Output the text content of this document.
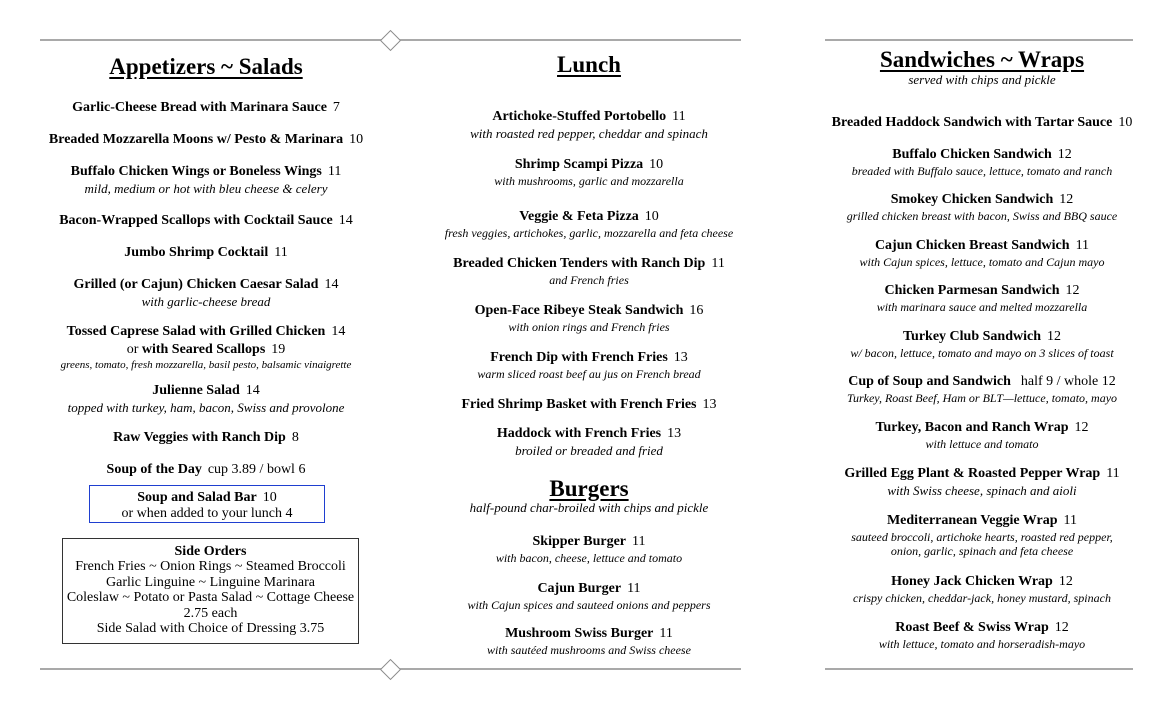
Appetizers ~ Salads
Garlic-Cheese Bread with Marinara Sauce 7
Breaded Mozzarella Moons w/ Pesto & Marinara 10
Buffalo Chicken Wings or Boneless Wings 11
mild, medium or hot with bleu cheese & celery
Bacon-Wrapped Scallops with Cocktail Sauce 14
Jumbo Shrimp Cocktail 11
Grilled (or Cajun) Chicken Caesar Salad 14
with garlic-cheese bread
Tossed Caprese Salad with Grilled Chicken 14
or with Seared Scallops 19
greens, tomato, fresh mozzarella, basil pesto, balsamic vinaigrette
Julienne Salad 14
topped with turkey, ham, bacon, Swiss and provolone
Raw Veggies with Ranch Dip 8
Soup of the Day cup 3.89 / bowl 6
Soup and Salad Bar 10
or when added to your lunch 4
Side Orders
French Fries ~ Onion Rings ~ Steamed Broccoli
Garlic Linguine ~ Linguine Marinara
Coleslaw ~ Potato or Pasta Salad ~ Cottage Cheese
2.75 each
Side Salad with Choice of Dressing 3.75
Lunch
Artichoke-Stuffed Portobello 11
with roasted red pepper, cheddar and spinach
Shrimp Scampi Pizza 10
with mushrooms, garlic and mozzarella
Veggie & Feta Pizza 10
fresh veggies, artichokes, garlic, mozzarella and feta cheese
Breaded Chicken Tenders with Ranch Dip 11
and French fries
Open-Face Ribeye Steak Sandwich 16
with onion rings and French fries
French Dip with French Fries 13
warm sliced roast beef au jus on French bread
Fried Shrimp Basket with French Fries 13
Haddock with French Fries 13
broiled or breaded and fried
Burgers
half-pound char-broiled with chips and pickle
Skipper Burger 11
with bacon, cheese, lettuce and tomato
Cajun Burger 11
with Cajun spices and sauteed onions and peppers
Mushroom Swiss Burger 11
with sautéed mushrooms and Swiss cheese
Sandwiches ~ Wraps
served with chips and pickle
Breaded Haddock Sandwich with Tartar Sauce 10
Buffalo Chicken Sandwich 12
breaded with Buffalo sauce, lettuce, tomato and ranch
Smokey Chicken Sandwich 12
grilled chicken breast with bacon, Swiss and BBQ sauce
Cajun Chicken Breast Sandwich 11
with Cajun spices, lettuce, tomato and Cajun mayo
Chicken Parmesan Sandwich 12
with marinara sauce and melted mozzarella
Turkey Club Sandwich 12
w/ bacon, lettuce, tomato and mayo on 3 slices of toast
Cup of Soup and Sandwich half 9 / whole 12
Turkey, Roast Beef, Ham or BLT—lettuce, tomato, mayo
Turkey, Bacon and Ranch Wrap 12
with lettuce and tomato
Grilled Egg Plant & Roasted Pepper Wrap 11
with Swiss cheese, spinach and aioli
Mediterranean Veggie Wrap 11
sauteed broccoli, artichoke hearts, roasted red pepper,
onion, garlic, spinach and feta cheese
Honey Jack Chicken Wrap 12
crispy chicken, cheddar-jack, honey mustard, spinach
Roast Beef & Swiss Wrap 12
with lettuce, tomato and horseradish-mayo
